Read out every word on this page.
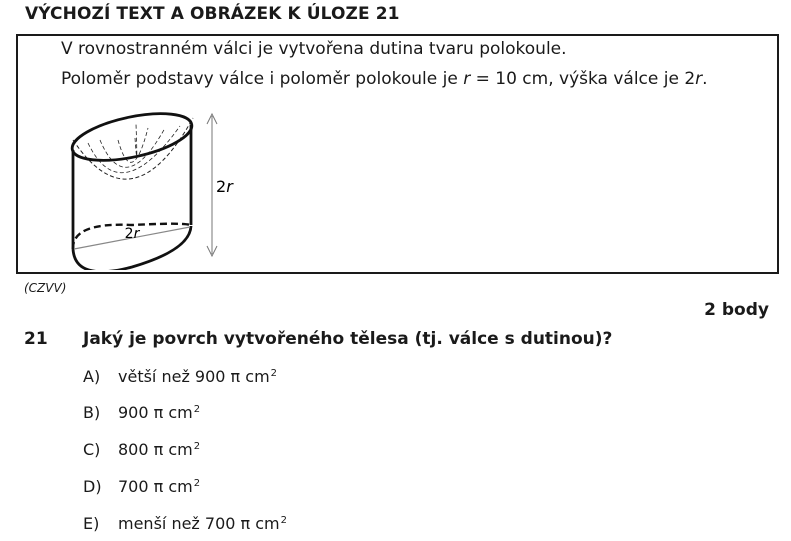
VÝCHOZÍ TEXT A OBRÁZEK K ÚLOZE 21
V rovnostranném válci je vytvořena dutina tvaru polokoule.
Poloměr podstavy válce i poloměr polokoule je r = 10 cm, výška válce je 2r.
2r
2r
(CZVV)
2 body
21 Jaký je povrch vytvořeného tělesa (tj. válce s dutinou)?
A) větší než 900 π $cm^2$
B) 900 π $cm^2$
C) 800 π $cm^2$
D) 700 π $cm^2$
E) menší než 700 π $cm^2$
